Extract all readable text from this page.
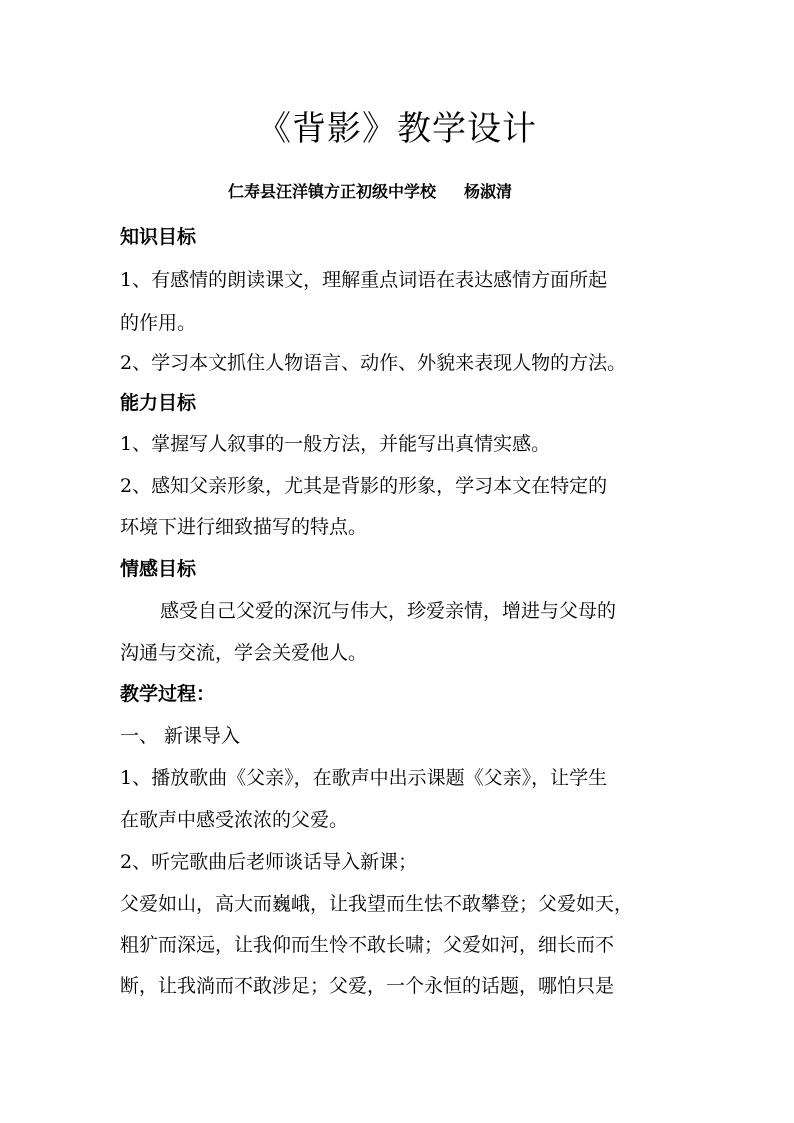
《背影》教学设计
仁寿县汪洋镇方正初级中学校 杨淑清
知识目标
1、有感情的朗读课文，理解重点词语在表达感情方面所起
的作用。
2、学习本文抓住人物语言、动作、外貌来表现人物的方法。
能力目标
1、掌握写人叙事的一般方法，并能写出真情实感。
2、感知父亲形象，尤其是背影的形象，学习本文在特定的
环境下进行细致描写的特点。
情感目标
感受自己父爱的深沉与伟大，珍爱亲情，增进与父母的
沟通与交流，学会关爱他人。
教学过程：
一、 新课导入
1、播放歌曲《父亲》，在歌声中出示课题《父亲》，让学生
在歌声中感受浓浓的父爱。
2、听完歌曲后老师谈话导入新课；
父爱如山，高大而巍峨，让我望而生怯不敢攀登；父爱如天，
粗犷而深远，让我仰而生怜不敢长啸；父爱如河，细长而不
断，让我淌而不敢涉足；父爱，一个永恒的话题，哪怕只是
